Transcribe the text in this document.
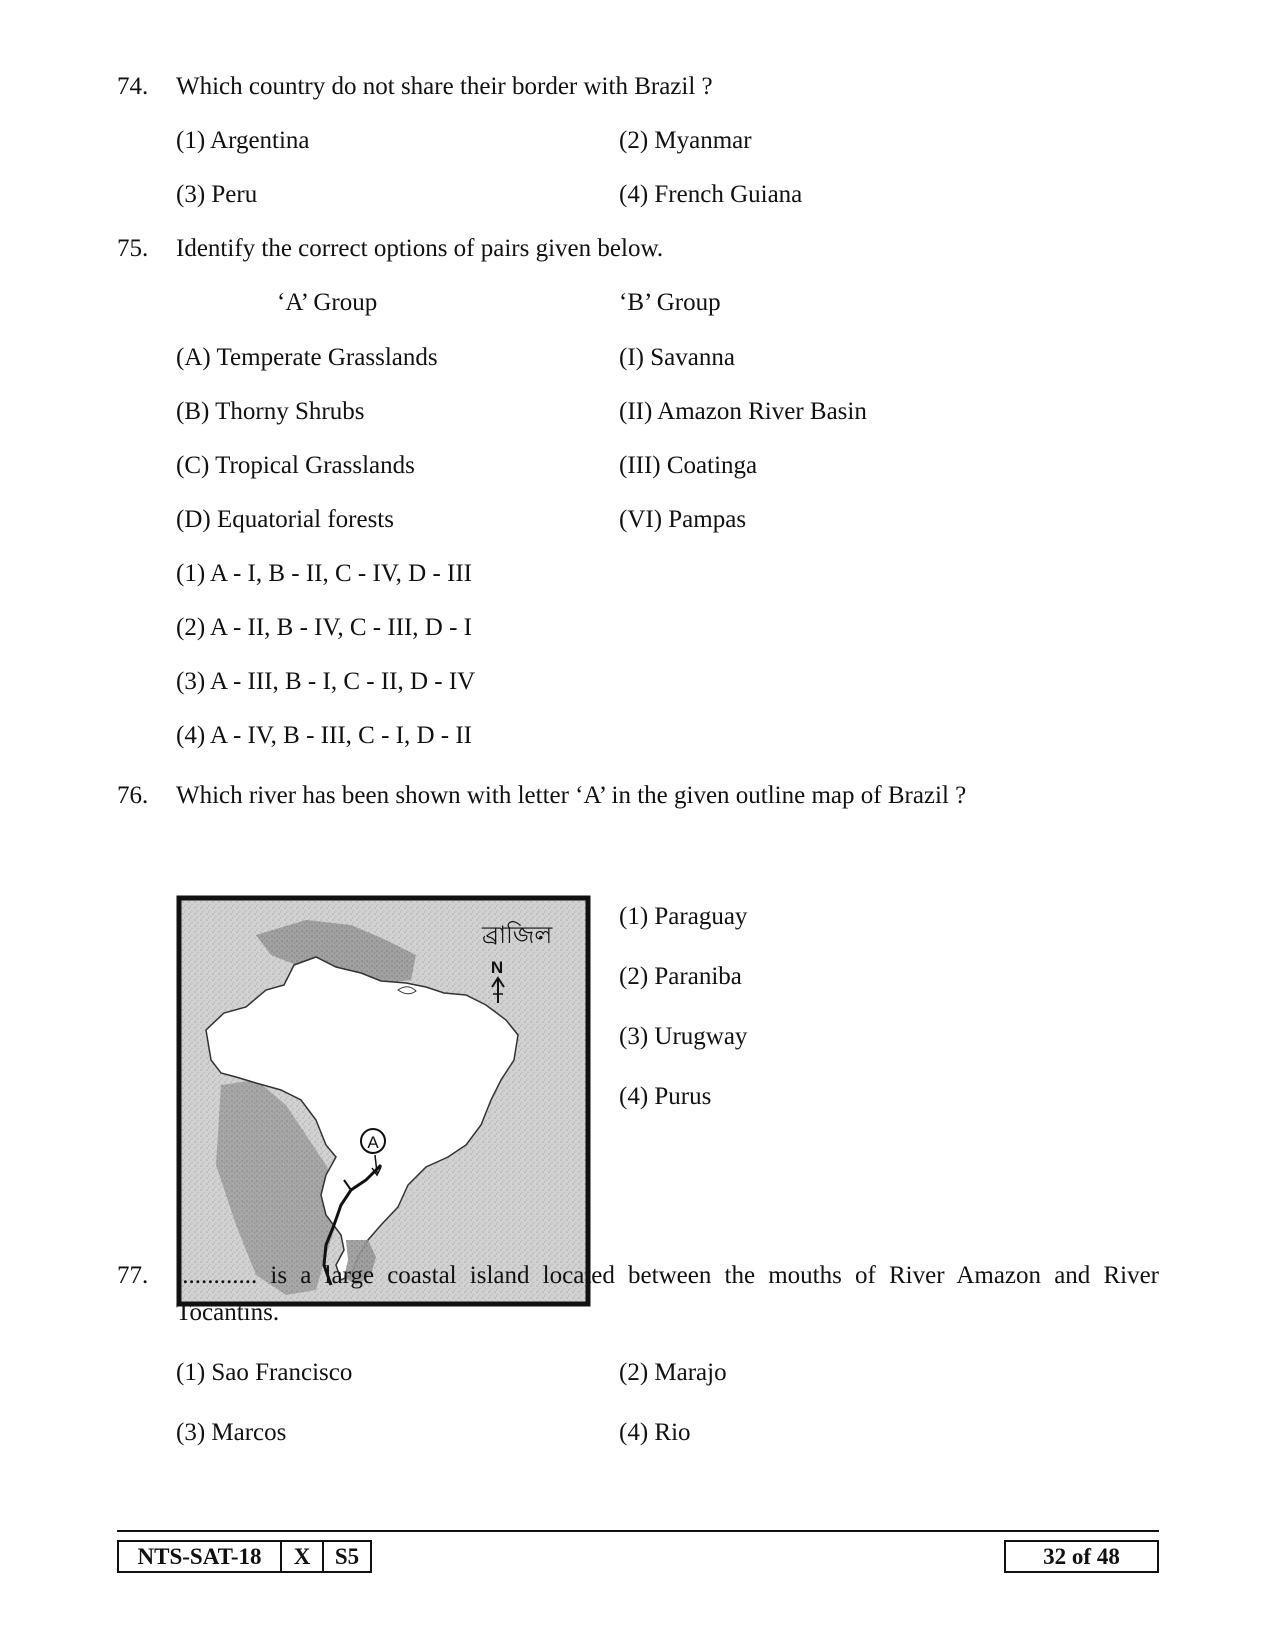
74. Which country do not share their border with Brazil ?
(1) Argentina	(2) Myanmar
(3) Peru	(4) French Guiana
75. Identify the correct options of pairs given below.
‘A’ Group	‘B’ Group
(A) Temperate Grasslands	(I) Savanna
(B) Thorny Shrubs	(II) Amazon River Basin
(C) Tropical Grasslands	(III) Coatinga
(D) Equatorial forests	(VI) Pampas
(1) A - I, B - II, C - IV, D - III
(2) A - II, B - IV, C - III, D - I
(3) A - III, B - I, C - II, D - IV
(4) A - IV, B - III, C - I, D - II
76. Which river has been shown with letter ‘A’ in the given outline map of Brazil ?
A
ব্রাজিল
N
(1) Paraguay
(2) Paraniba
(3) Urugway
(4) Purus
77. ............. is a large coastal island located between the mouths of River Amazon and River
Tocantins.
(1) Sao Francisco	(2) Marajo
(3) Marcos	(4) Rio
NTS-SAT-18	X	S5	32 of 48
